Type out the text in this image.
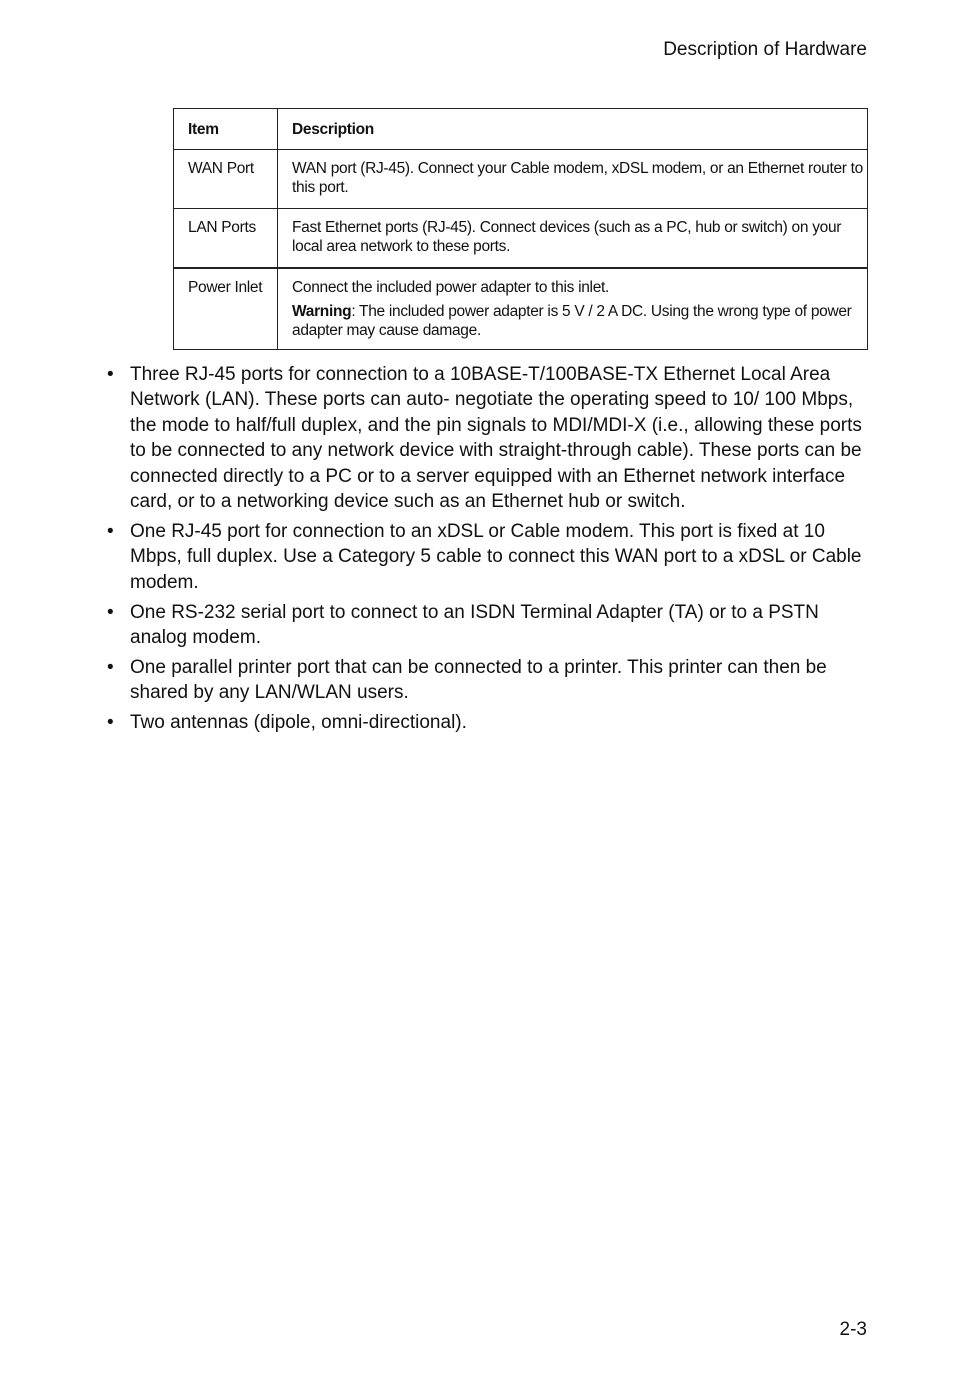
Description of Hardware
Item	Description
WAN Port	WAN port (RJ-45). Connect your Cable modem, xDSL modem, or an Ethernet router to this port.
LAN Ports	Fast Ethernet ports (RJ-45). Connect devices (such as a PC, hub or switch) on your local area network to these ports.
Power Inlet	Connect the included power adapter to this inlet.
Warning: The included power adapter is 5 V / 2 A DC. Using the wrong type of power adapter may cause damage.
• Three RJ-45 ports for connection to a 10BASE-T/100BASE-TX Ethernet Local Area Network (LAN). These ports can auto- negotiate the operating speed to 10/ 100 Mbps, the mode to half/full duplex, and the pin signals to MDI/MDI-X (i.e., allowing these ports to be connected to any network device with straight-through cable). These ports can be connected directly to a PC or to a server equipped with an Ethernet network interface card, or to a networking device such as an Ethernet hub or switch.
• One RJ-45 port for connection to an xDSL or Cable modem. This port is fixed at 10 Mbps, full duplex. Use a Category 5 cable to connect this WAN port to a xDSL or Cable modem.
• One RS-232 serial port to connect to an ISDN Terminal Adapter (TA) or to a PSTN analog modem.
• One parallel printer port that can be connected to a printer. This printer can then be shared by any LAN/WLAN users.
• Two antennas (dipole, omni-directional).
2-3
